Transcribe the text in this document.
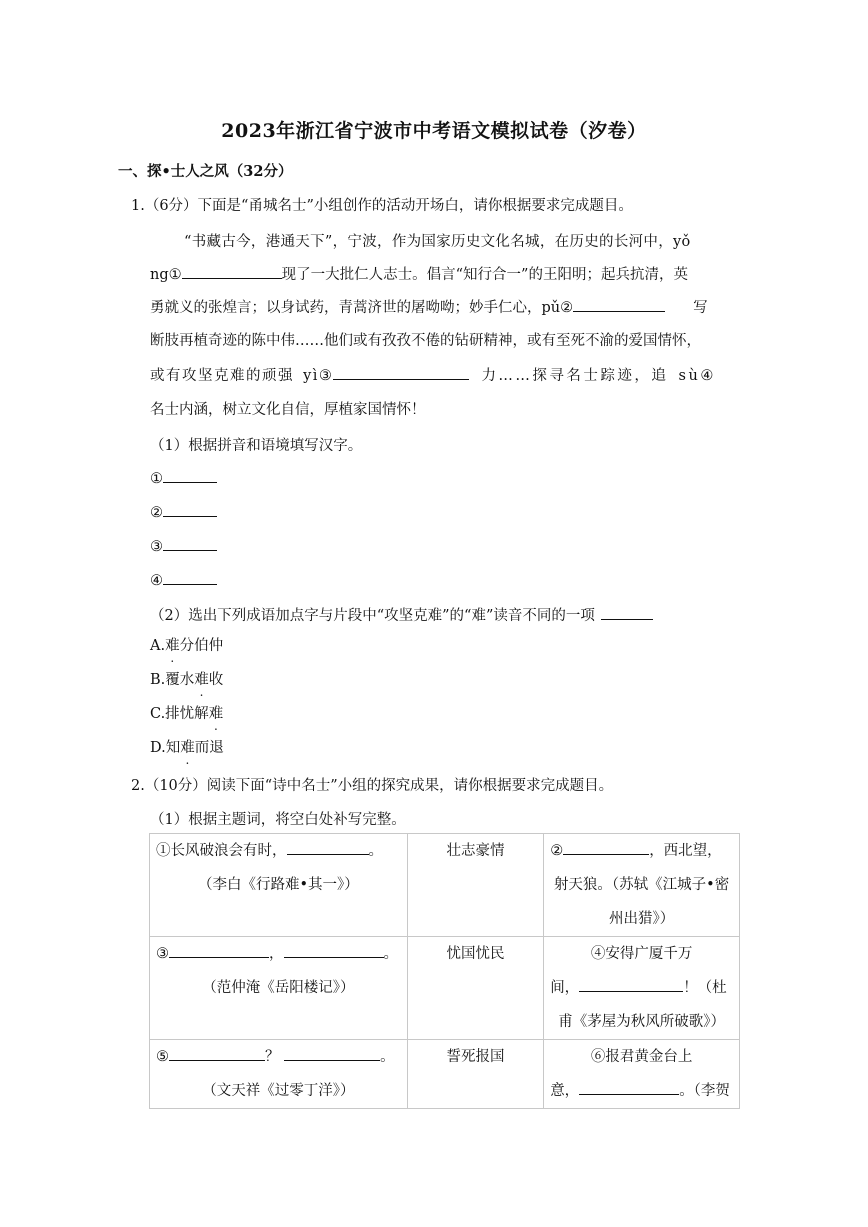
2023年浙江省宁波市中考语文模拟试卷（汐卷）
一、探•士人之风（32分）
1.（6分）下面是“甬城名士”小组创作的活动开场白，请你根据要求完成题目。
“书藏古今，港通天下”，宁波，作为国家历史文化名城，在历史的长河中，yǒ
ng①	现了一大批仁人志士。倡言“知行合一”的王阳明；起兵抗清，英
勇就义的张煌言；以身试药，青蒿济世的屠呦呦；妙手仁心，pǔ②	写
断肢再植奇迹的陈中伟……他们或有孜孜不倦的钻研精神，或有至死不渝的爱国情怀，
或有攻坚克难的顽强 yì③	力……探寻名士踪迹，追 sù④
名士内涵，树立文化自信，厚植家国情怀！
（1）根据拼音和语境填写汉字。
①
②
③
④
（2）选出下列成语加点字与片段中“攻坚克难”的“难”读音不同的一项
A.难分伯仲
B.覆水难收
C.排忧解难
D.知难而退
2.（10分）阅读下面“诗中名士”小组的探究成果，请你根据要求完成题目。
（1）根据主题词，将空白处补写完整。
①长风破浪会有时， 。
（李白《行路难•其一》）	壮志豪情	② ，西北望，
射天狼。（苏轼《江城子•密
州出猎》）

③ ， 。
（范仲淹《岳阳楼记》）	忧国忧民	④安得广厦千万
间， ！（杜
甫《茅屋为秋风所破歌》）

⑤ ？ 。
（文天祥《过零丁洋》）	誓死报国	⑥报君黄金台上
意， 。（李贺
